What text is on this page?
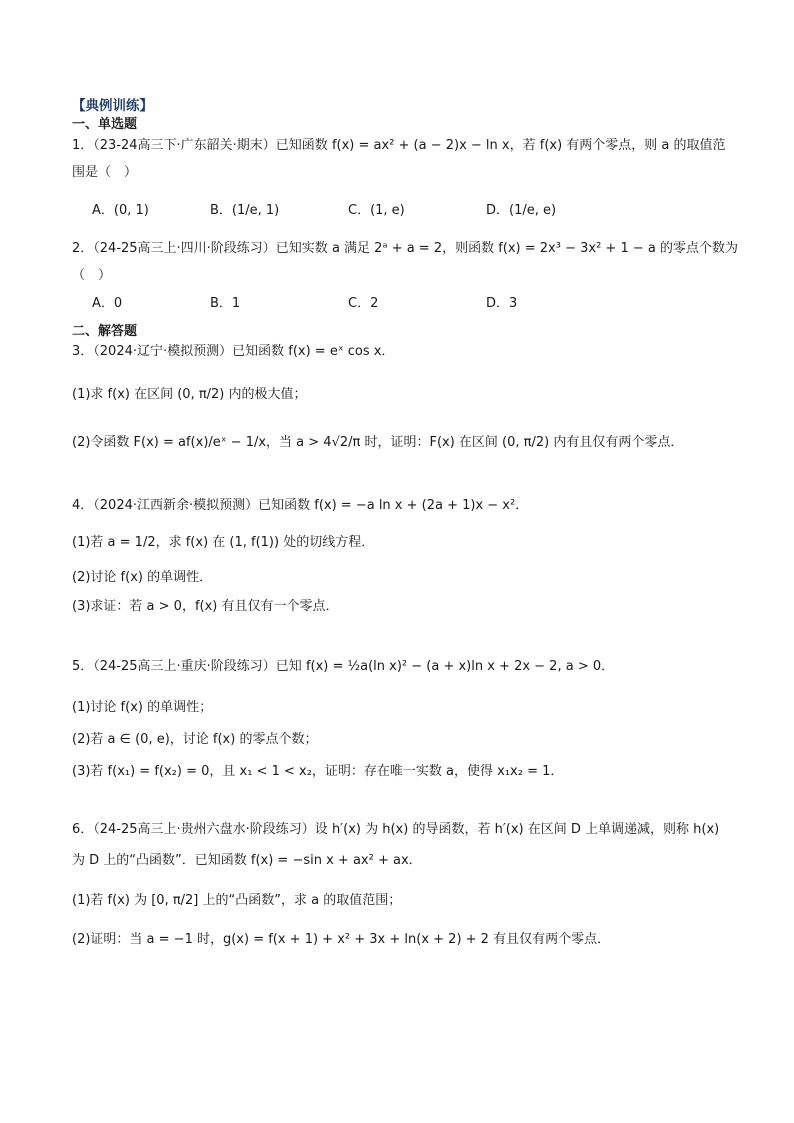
【典例训练】
一、单选题
1．（23-24高三下·广东韶关·期末）已知函数 f(x) = ax² + (a − 2)x − ln x，若 f(x) 有两个零点，则 a 的取值范
围是（　）
A．(0, 1)	B．(1/e, 1)	C．(1, e)	D．(1/e, e)
2．（24-25高三上·四川·阶段练习）已知实数 a 满足 2ᵃ + a = 2，则函数 f(x) = 2x³ − 3x² + 1 − a 的零点个数为
（　）
A．0	B．1	C．2	D．3
二、解答题
3．（2024·辽宁·模拟预测）已知函数 f(x) = eˣ cos x．
(1)求 f(x) 在区间 (0, π/2) 内的极大值；
(2)令函数 F(x) = af(x)/eˣ − 1/x，当 a > 4√2/π 时，证明：F(x) 在区间 (0, π/2) 内有且仅有两个零点．
4．（2024·江西新余·模拟预测）已知函数 f(x) = −a ln x + (2a + 1)x − x²．
(1)若 a = 1/2，求 f(x) 在 (1, f(1)) 处的切线方程．
(2)讨论 f(x) 的单调性．
(3)求证：若 a > 0，f(x) 有且仅有一个零点．
5．（24-25高三上·重庆·阶段练习）已知 f(x) = ½a(ln x)² − (a + x)ln x + 2x − 2, a > 0．
(1)讨论 f(x) 的单调性；
(2)若 a ∈ (0, e)，讨论 f(x) 的零点个数；
(3)若 f(x₁) = f(x₂) = 0，且 x₁ < 1 < x₂，证明：存在唯一实数 a，使得 x₁x₂ = 1．
6．（24-25高三上·贵州六盘水·阶段练习）设 h′(x) 为 h(x) 的导函数，若 h′(x) 在区间 D 上单调递减，则称 h(x)
为 D 上的“凸函数”．已知函数 f(x) = −sin x + ax² + ax．
(1)若 f(x) 为 [0, π/2] 上的“凸函数”，求 a 的取值范围；
(2)证明：当 a = −1 时，g(x) = f(x + 1) + x² + 3x + ln(x + 2) + 2 有且仅有两个零点．
